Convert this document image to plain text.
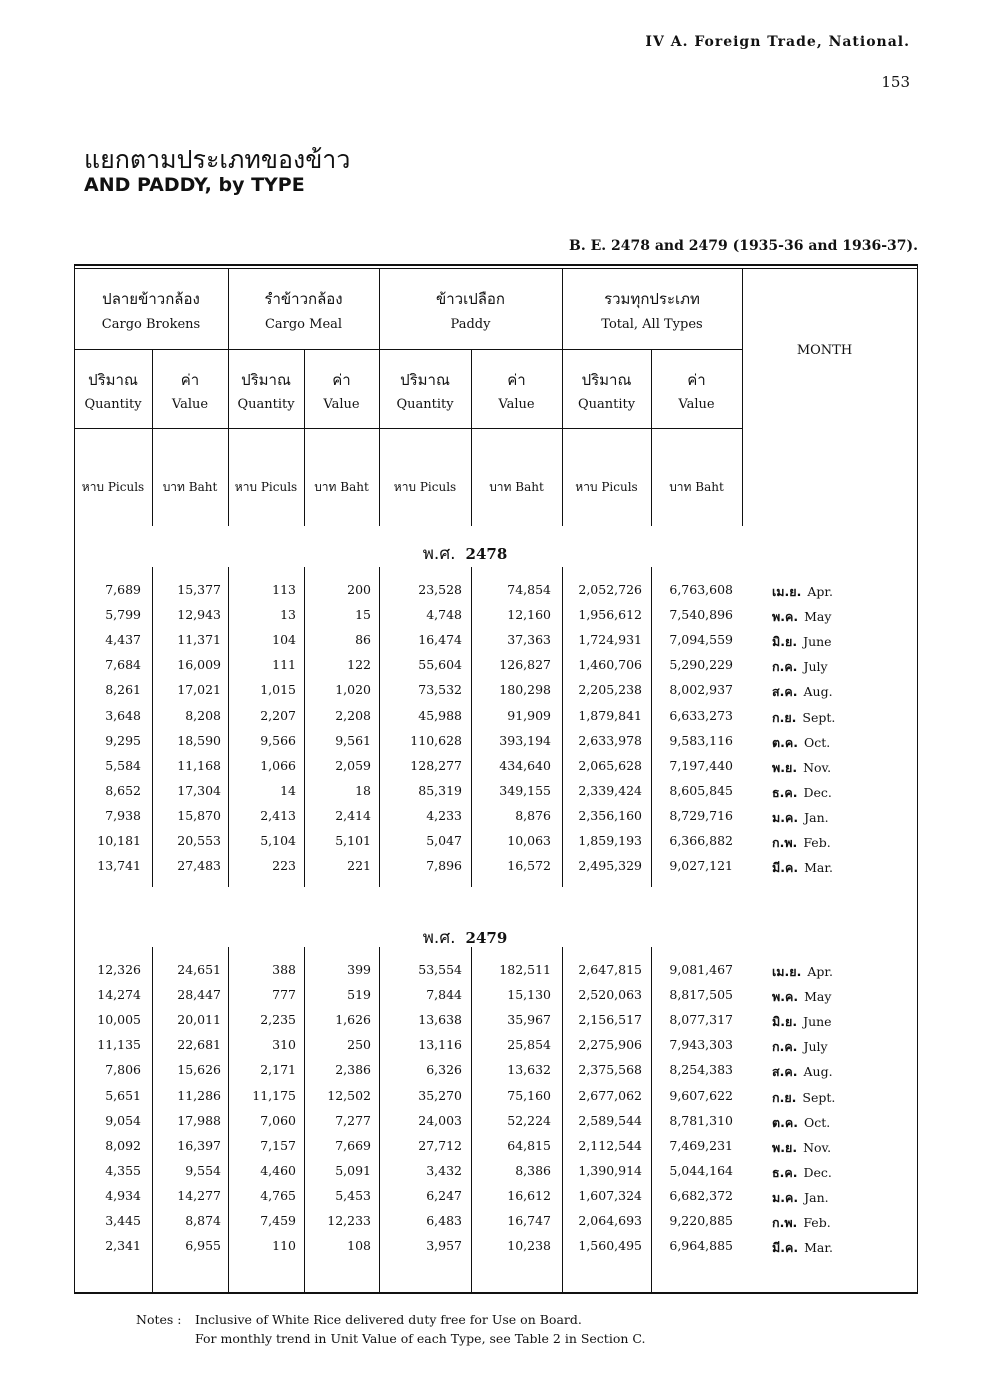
IV A. Foreign Trade, National.
153
แยกตามประเภทของข้าว
AND PADDY, by TYPE
B. E. 2478 and 2479 (1935-36 and 1936-37).
ปลายข้าวกล้อง
Cargo Brokens
ปริมาณ
Quantity
ค่า
Value
หาบ Piculs	บาท Baht
รำข้าวกล้อง
Cargo Meal
ปริมาณ
Quantity
ค่า
Value
หาบ Piculs	บาท Baht
ข้าวเปลือก
Paddy
ปริมาณ
Quantity
ค่า
Value
หาบ Piculs	บาท Baht
รวมทุกประเภท
Total, All Types
ปริมาณ
Quantity
ค่า
Value
หาบ Piculs	บาท Baht
MONTH
พ.ศ. 2478
7,689	15,377	113	200	23,528	74,854	2,052,726	6,763,608	เม.ย. Apr.
5,799	12,943	13	15	4,748	12,160	1,956,612	7,540,896	พ.ค. May
4,437	11,371	104	86	16,474	37,363	1,724,931	7,094,559	มิ.ย. June
7,684	16,009	111	122	55,604	126,827	1,460,706	5,290,229	ก.ค. July
8,261	17,021	1,015	1,020	73,532	180,298	2,205,238	8,002,937	ส.ค. Aug.
3,648	8,208	2,207	2,208	45,988	91,909	1,879,841	6,633,273	ก.ย. Sept.
9,295	18,590	9,566	9,561	110,628	393,194	2,633,978	9,583,116	ต.ค. Oct.
5,584	11,168	1,066	2,059	128,277	434,640	2,065,628	7,197,440	พ.ย. Nov.
8,652	17,304	14	18	85,319	349,155	2,339,424	8,605,845	ธ.ค. Dec.
7,938	15,870	2,413	2,414	4,233	8,876	2,356,160	8,729,716	ม.ค. Jan.
10,181	20,553	5,104	5,101	5,047	10,063	1,859,193	6,366,882	ก.พ. Feb.
13,741	27,483	223	221	7,896	16,572	2,495,329	9,027,121	มี.ค. Mar.
พ.ศ. 2479
12,326	24,651	388	399	53,554	182,511	2,647,815	9,081,467	เม.ย. Apr.
14,274	28,447	777	519	7,844	15,130	2,520,063	8,817,505	พ.ค. May
10,005	20,011	2,235	1,626	13,638	35,967	2,156,517	8,077,317	มิ.ย. June
11,135	22,681	310	250	13,116	25,854	2,275,906	7,943,303	ก.ค. July
7,806	15,626	2,171	2,386	6,326	13,632	2,375,568	8,254,383	ส.ค. Aug.
5,651	11,286	11,175	12,502	35,270	75,160	2,677,062	9,607,622	ก.ย. Sept.
9,054	17,988	7,060	7,277	24,003	52,224	2,589,544	8,781,310	ต.ค. Oct.
8,092	16,397	7,157	7,669	27,712	64,815	2,112,544	7,469,231	พ.ย. Nov.
4,355	9,554	4,460	5,091	3,432	8,386	1,390,914	5,044,164	ธ.ค. Dec.
4,934	14,277	4,765	5,453	6,247	16,612	1,607,324	6,682,372	ม.ค. Jan.
3,445	8,874	7,459	12,233	6,483	16,747	2,064,693	9,220,885	ก.พ. Feb.
2,341	6,955	110	108	3,957	10,238	1,560,495	6,964,885	มี.ค. Mar.
Notes : Inclusive of White Rice delivered duty free for Use on Board.
For monthly trend in Unit Value of each Type, see Table 2 in Section C.
